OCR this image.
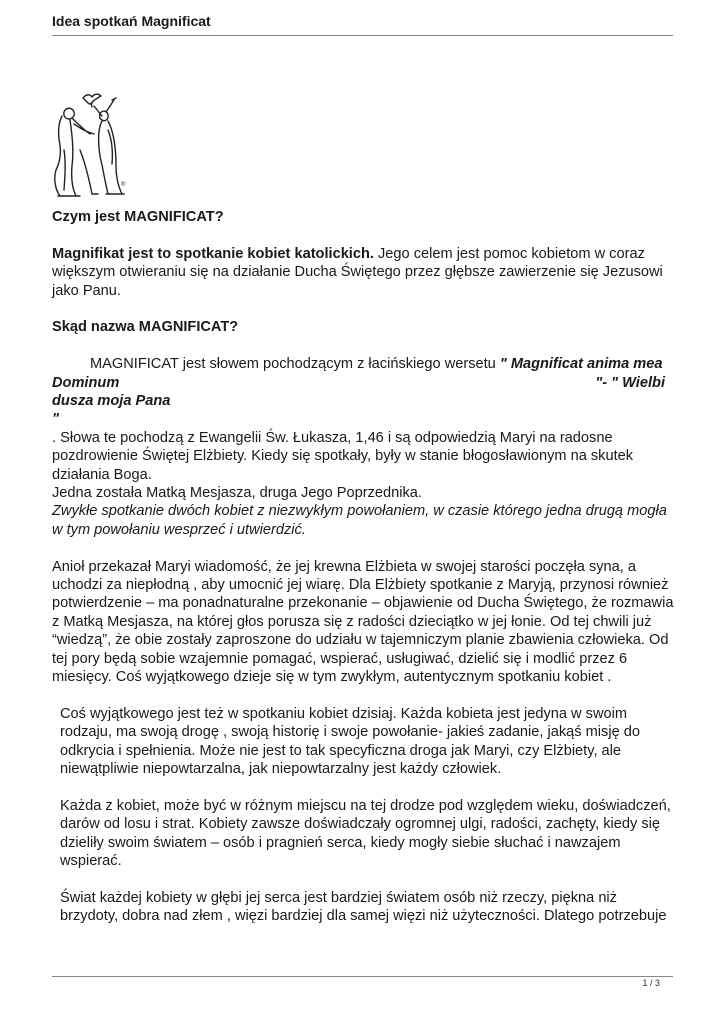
Idea spotkań Magnificat
®

Czym jest MAGNIFICAT?

Magnifikat jest to spotkanie kobiet katolickich. Jego celem jest pomoc kobietom w coraz większym otwieraniu się na działanie Ducha Świętego przez głębsze zawierzenie się Jezusowi jako Panu.

Skąd nazwa MAGNIFICAT?

MAGNIFICAT jest słowem pochodzącym z łacińskiego wersetu " Magnificat anima mea

Dominum	"- " Wielbi

dusza moja Pana

"

. Słowa te pochodzą z Ewangelii Św. Łukasza, 1,46 i są odpowiedzią Maryi na radosne pozdrowienie Świętej Elżbiety. Kiedy się spotkały, były w stanie błogosławionym na skutek działania Boga.

Jedna została Matką Mesjasza, druga Jego Poprzednika.

Zwykłe spotkanie dwóch kobiet z niezwykłym powołaniem, w czasie którego jedna drugą mogła w tym powołaniu wesprzeć i utwierdzić.

Anioł przekazał Maryi wiadomość, że jej krewna Elżbieta w swojej starości poczęła syna, a uchodzi za niepłodną , aby umocnić jej wiarę. Dla Elżbiety spotkanie z Maryją, przynosi również potwierdzenie – ma ponadnaturalne przekonanie – objawienie od Ducha Świętego, że rozmawia z Matką Mesjasza, na której głos porusza się z radości dzieciątko w jej łonie. Od tej chwili już “wiedzą”, że obie zostały zaproszone do udziału w tajemniczym planie zbawienia człowieka. Od tej pory będą sobie wzajemnie pomagać, wspierać, usługiwać, dzielić się i modlić przez 6 miesięcy. Coś wyjątkowego dzieje się w tym zwykłym, autentycznym spotkaniu kobiet .

Coś wyjątkowego jest też w spotkaniu kobiet dzisiaj. Każda kobieta jest jedyna w swoim rodzaju, ma swoją drogę , swoją historię i swoje powołanie- jakieś zadanie, jakąś misję do odkrycia i spełnienia. Może nie jest to tak specyficzna droga jak Maryi, czy Elżbiety, ale niewątpliwie niepowtarzalna, jak niepowtarzalny jest każdy człowiek.

Każda z kobiet, może być w różnym miejscu na tej drodze pod względem wieku, doświadczeń, darów od losu i strat. Kobiety zawsze doświadczały ogromnej ulgi, radości, zachęty, kiedy się dzieliły swoim światem – osób i pragnień serca, kiedy mogły siebie słuchać i nawzajem wspierać.

Świat każdej kobiety w głębi jej serca jest bardziej światem osób niż rzeczy, piękna niż brzydoty, dobra nad złem , więzi bardziej dla samej więzi niż użyteczności. Dlatego potrzebuje

1 / 3
